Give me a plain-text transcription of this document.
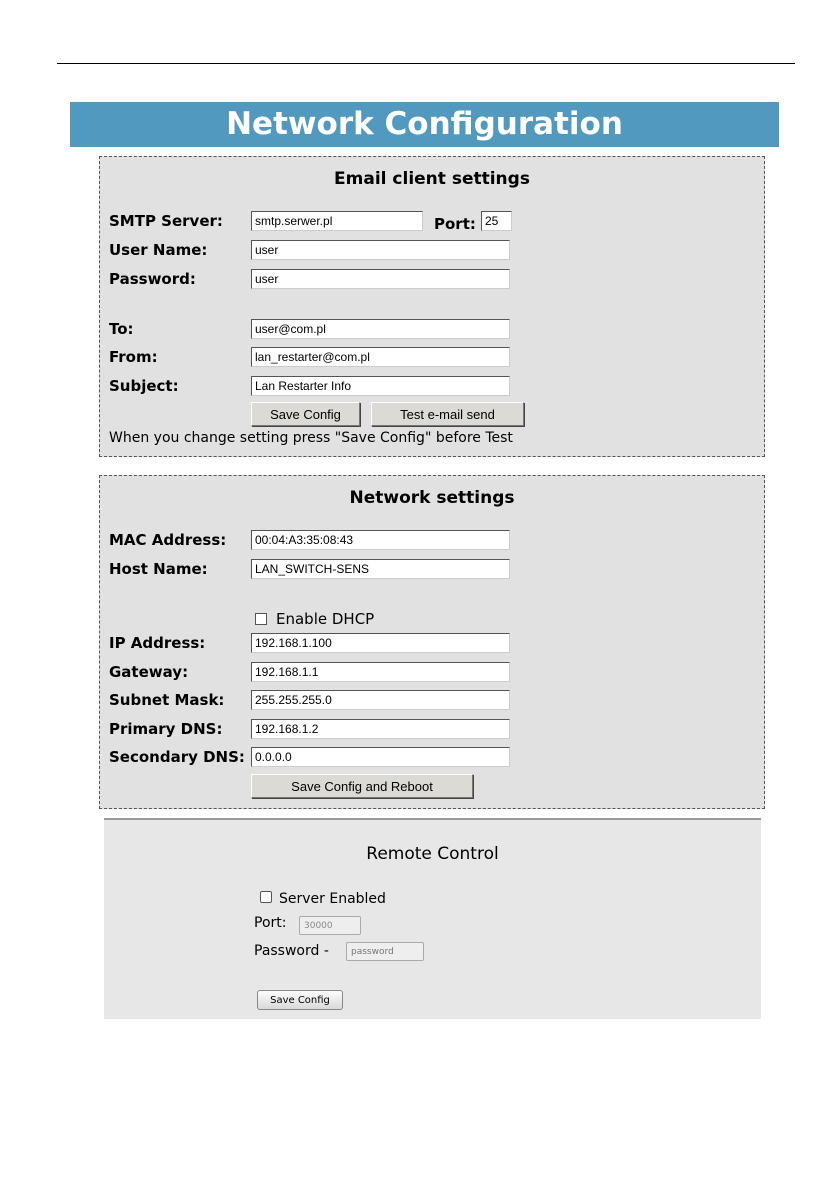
Network Configuration
Email client settings
SMTP Server:
smtp.serwer.pl	Port:
25
User Name:
user
Password:
user
To:
user@com.pl
From:
lan_restarter@com.pl
Subject:
Lan Restarter Info
Save Config	Test e-mail send
When you change setting press "Save Config" before Test
Network settings
MAC Address:
00:04:A3:35:08:43
Host Name:
LAN_SWITCH-SENS
Enable DHCP
IP Address:
192.168.1.100
Gateway:
192.168.1.1
Subnet Mask:
255.255.255.0
Primary DNS:
192.168.1.2
Secondary DNS:
0.0.0.0
Save Config and Reboot
Remote Control
Server Enabled
Port:
30000
Password -
password
Save Config
